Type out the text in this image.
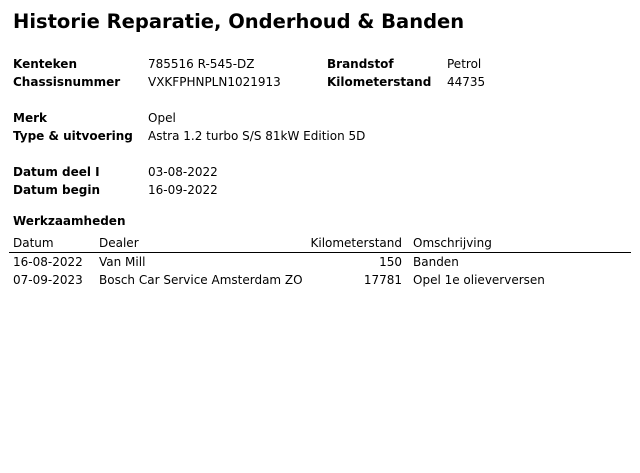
Historie Reparatie, Onderhoud & Banden
Kenteken	785516 R-545-DZ	Brandstof	Petrol
Chassisnummer VXKFPHNPLN1021913	Kilometerstand 44735
Merk	Opel
Type & uitvoering Astra 1.2 turbo S/S 81kW Edition 5D
Datum deel I	03-08-2022
Datum begin	16-09-2022
Werkzaamheden
Datum	Dealer	Kilometerstand Omschrijving
16-08-2022 Van Mill	150 Banden
07-09-2023 Bosch Car Service Amsterdam ZO	17781 Opel 1e olieverversen
